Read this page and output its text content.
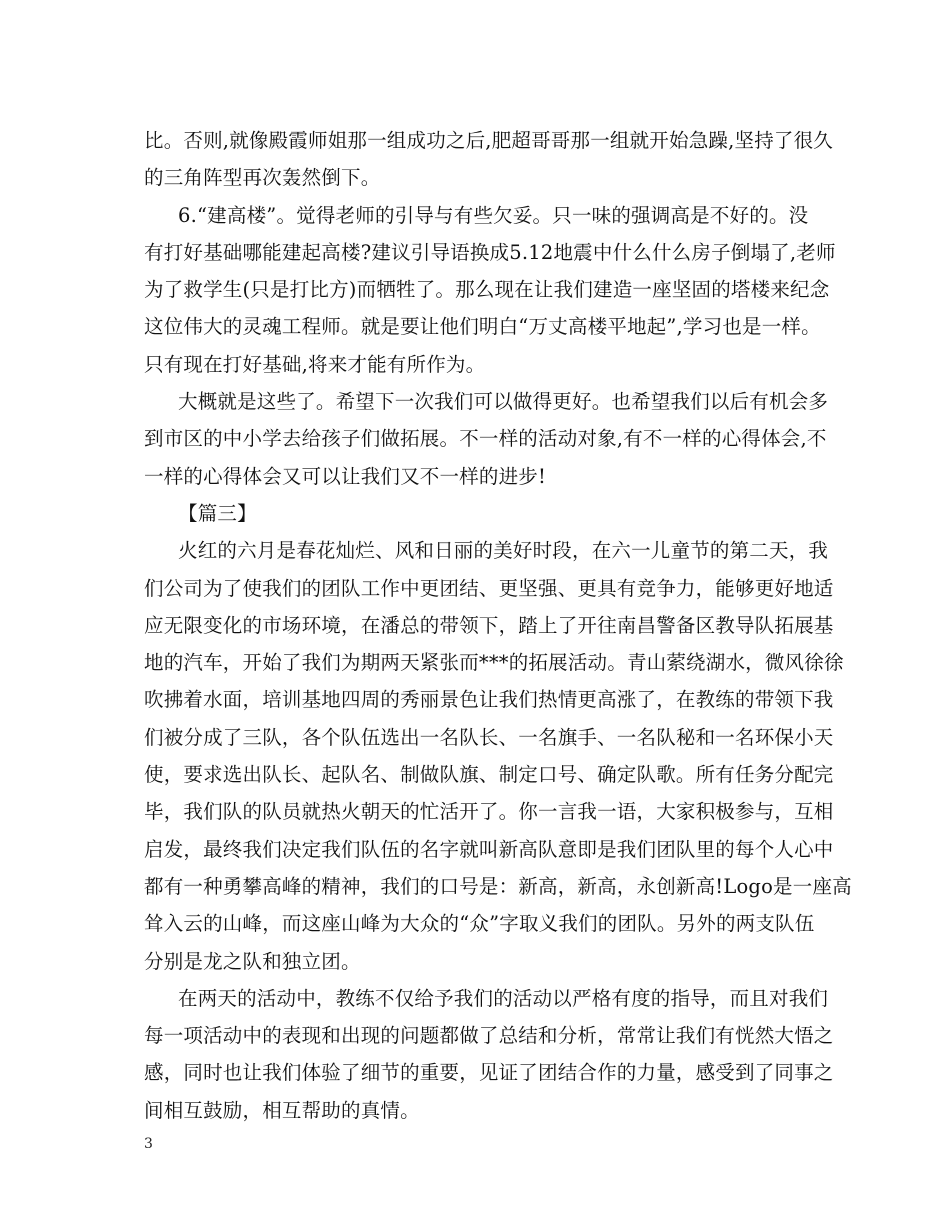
比。否则,就像殿霞师姐那一组成功之后,肥超哥哥那一组就开始急躁,坚持了很久
的三角阵型再次轰然倒下。
6.“建高楼”。觉得老师的引导与有些欠妥。只一味的强调高是不好的。没
有打好基础哪能建起高楼?建议引导语换成5.12地震中什么什么房子倒塌了,老师
为了救学生(只是打比方)而牺牲了。那么现在让我们建造一座坚固的塔楼来纪念
这位伟大的灵魂工程师。就是要让他们明白“万丈高楼平地起”,学习也是一样。
只有现在打好基础,将来才能有所作为。
大概就是这些了。希望下一次我们可以做得更好。也希望我们以后有机会多
到市区的中小学去给孩子们做拓展。不一样的活动对象,有不一样的心得体会,不
一样的心得体会又可以让我们又不一样的进步!
【篇三】
火红的六月是春花灿烂、风和日丽的美好时段，在六一儿童节的第二天，我
们公司为了使我们的团队工作中更团结、更坚强、更具有竞争力，能够更好地适
应无限变化的市场环境，在潘总的带领下，踏上了开往南昌警备区教导队拓展基
地的汽车，开始了我们为期两天紧张而***的拓展活动。青山萦绕湖水，微风徐徐
吹拂着水面，培训基地四周的秀丽景色让我们热情更高涨了，在教练的带领下我
们被分成了三队，各个队伍选出一名队长、一名旗手、一名队秘和一名环保小天
使，要求选出队长、起队名、制做队旗、制定口号、确定队歌。所有任务分配完
毕，我们队的队员就热火朝天的忙活开了。你一言我一语，大家积极参与，互相
启发，最终我们决定我们队伍的名字就叫新高队意即是我们团队里的每个人心中
都有一种勇攀高峰的精神，我们的口号是：新高，新高，永创新高!Logo是一座高
耸入云的山峰，而这座山峰为大众的“众”字取义我们的团队。另外的两支队伍
分别是龙之队和独立团。
在两天的活动中，教练不仅给予我们的活动以严格有度的指导，而且对我们
每一项活动中的表现和出现的问题都做了总结和分析，常常让我们有恍然大悟之
感，同时也让我们体验了细节的重要，见证了团结合作的力量，感受到了同事之
间相互鼓励，相互帮助的真情。
3
